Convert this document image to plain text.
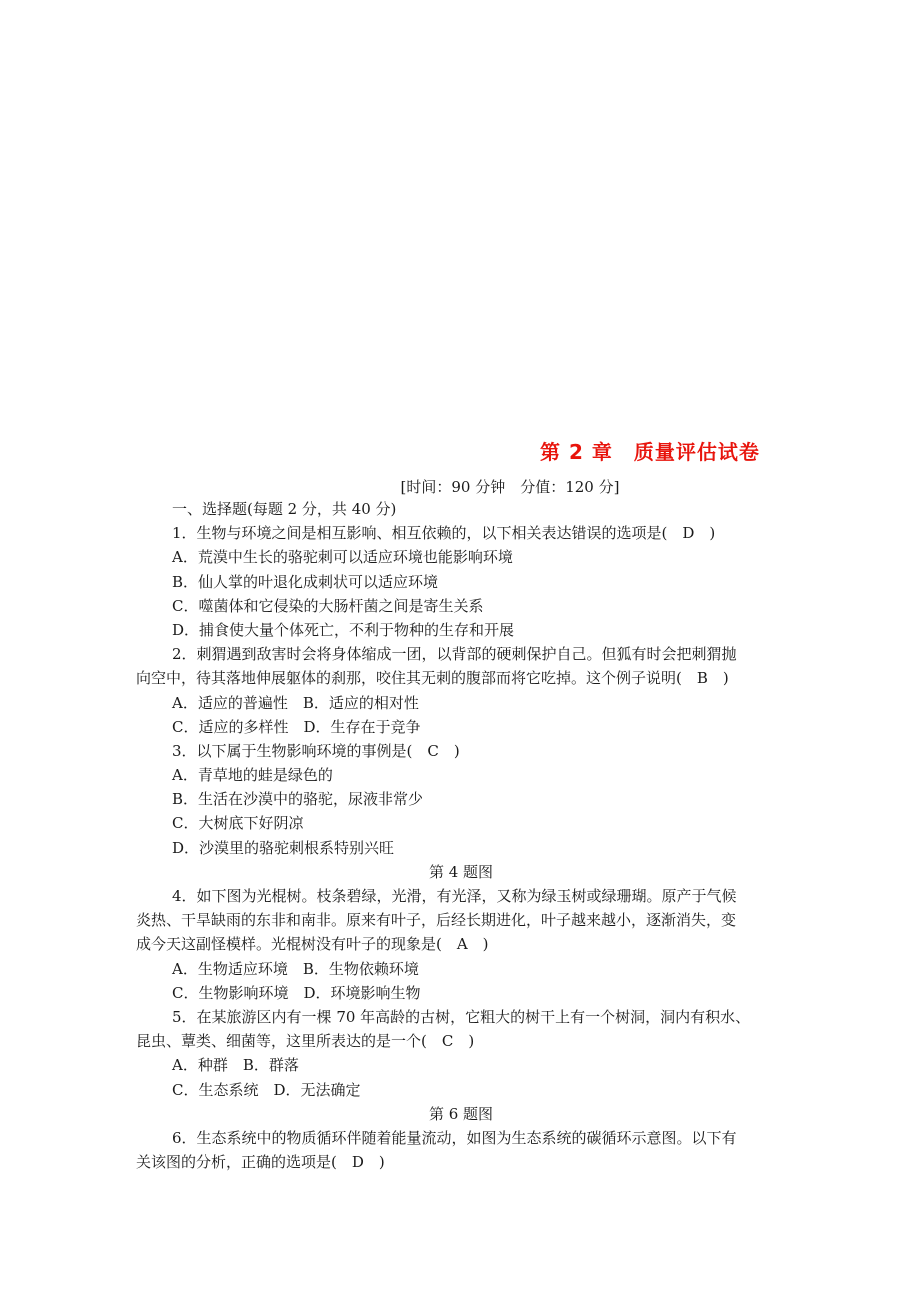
第 2 章　质量评估试卷
[时间：90 分钟　分值：120 分]
一、选择题(每题 2 分，共 40 分)
1．生物与环境之间是相互影响、相互依赖的，以下相关表达错误的选项是(　D　)
A．荒漠中生长的骆驼刺可以适应环境也能影响环境
B．仙人掌的叶退化成刺状可以适应环境
C．噬菌体和它侵染的大肠杆菌之间是寄生关系
D．捕食使大量个体死亡，不利于物种的生存和开展
2．刺猬遇到敌害时会将身体缩成一团，以背部的硬刺保护自己。但狐有时会把刺猬抛
向空中，待其落地伸展躯体的刹那，咬住其无刺的腹部而将它吃掉。这个例子说明(　B　)
A．适应的普遍性　B．适应的相对性
C．适应的多样性　D．生存在于竞争
3．以下属于生物影响环境的事例是(　C　)
A．青草地的蛙是绿色的
B．生活在沙漠中的骆驼，尿液非常少
C．大树底下好阴凉
D．沙漠里的骆驼刺根系特别兴旺
第 4 题图
4．如下图为光棍树。枝条碧绿，光滑，有光泽，又称为绿玉树或绿珊瑚。原产于气候
炎热、干旱缺雨的东非和南非。原来有叶子，后经长期进化，叶子越来越小，逐渐消失，变
成今天这副怪模样。光棍树没有叶子的现象是(　A　)
A．生物适应环境　B．生物依赖环境
C．生物影响环境　D．环境影响生物
5．在某旅游区内有一棵 70 年高龄的古树，它粗大的树干上有一个树洞，洞内有积水、
昆虫、蕈类、细菌等，这里所表达的是一个(　C　)
A．种群　B．群落
C．生态系统　D．无法确定
第 6 题图
6．生态系统中的物质循环伴随着能量流动，如图为生态系统的碳循环示意图。以下有
关该图的分析，正确的选项是(　D　)
